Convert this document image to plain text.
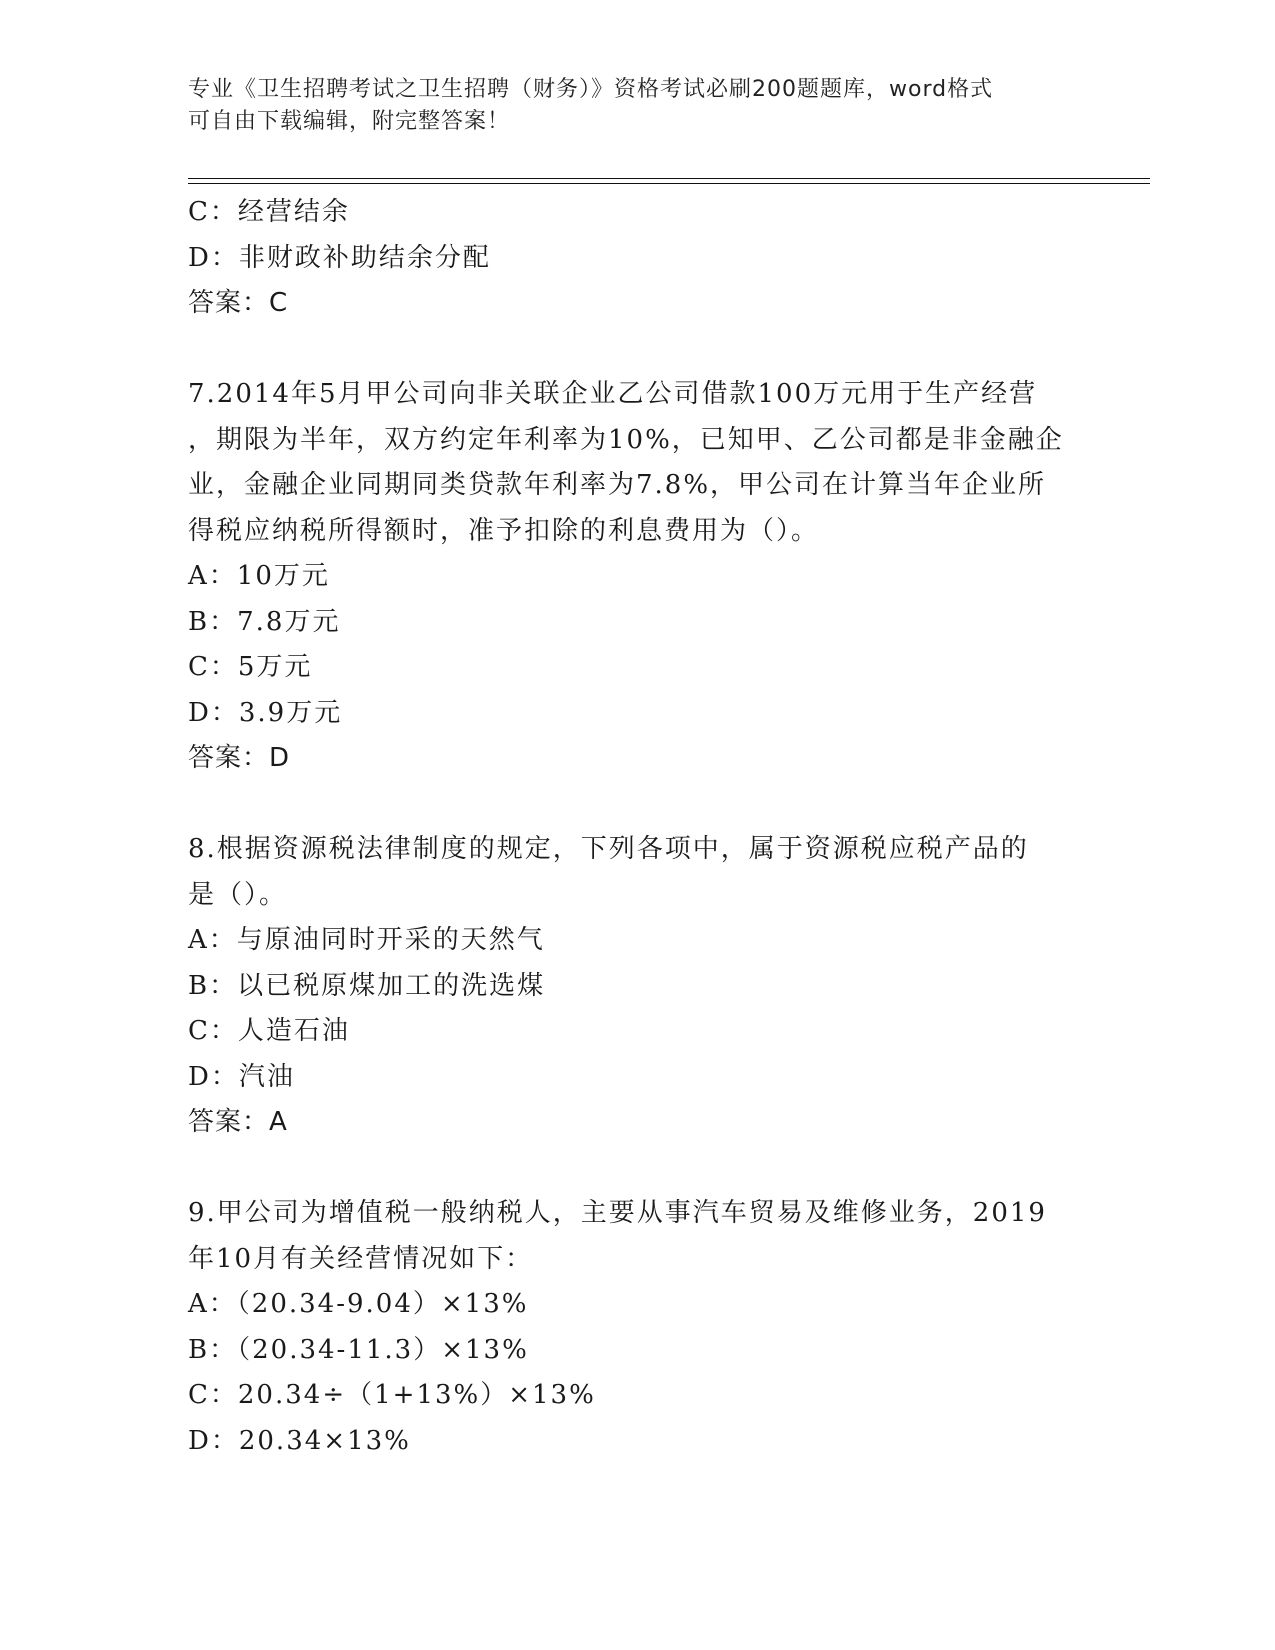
专业《卫生招聘考试之卫生招聘（财务）》资格考试必刷200题题库，word格式
可自由下载编辑，附完整答案！
C：经营结余
D：非财政补助结余分配
答案：C
7.2014年5月甲公司向非关联企业乙公司借款100万元用于生产经营
，期限为半年，双方约定年利率为10%，已知甲、乙公司都是非金融企
业，金融企业同期同类贷款年利率为7.8%，甲公司在计算当年企业所
得税应纳税所得额时，准予扣除的利息费用为（）。
A：10万元
B：7.8万元
C：5万元
D：3.9万元
答案：D
8.根据资源税法律制度的规定，下列各项中，属于资源税应税产品的
是（）。
A：与原油同时开采的天然气
B：以已税原煤加工的洗选煤
C：人造石油
D：汽油
答案：A
9.甲公司为增值税一般纳税人，主要从事汽车贸易及维修业务，2019
年10月有关经营情况如下：
A：（20.34-9.04）×13%
B：（20.34-11.3）×13%
C：20.34÷（1+13%）×13%
D：20.34×13%
